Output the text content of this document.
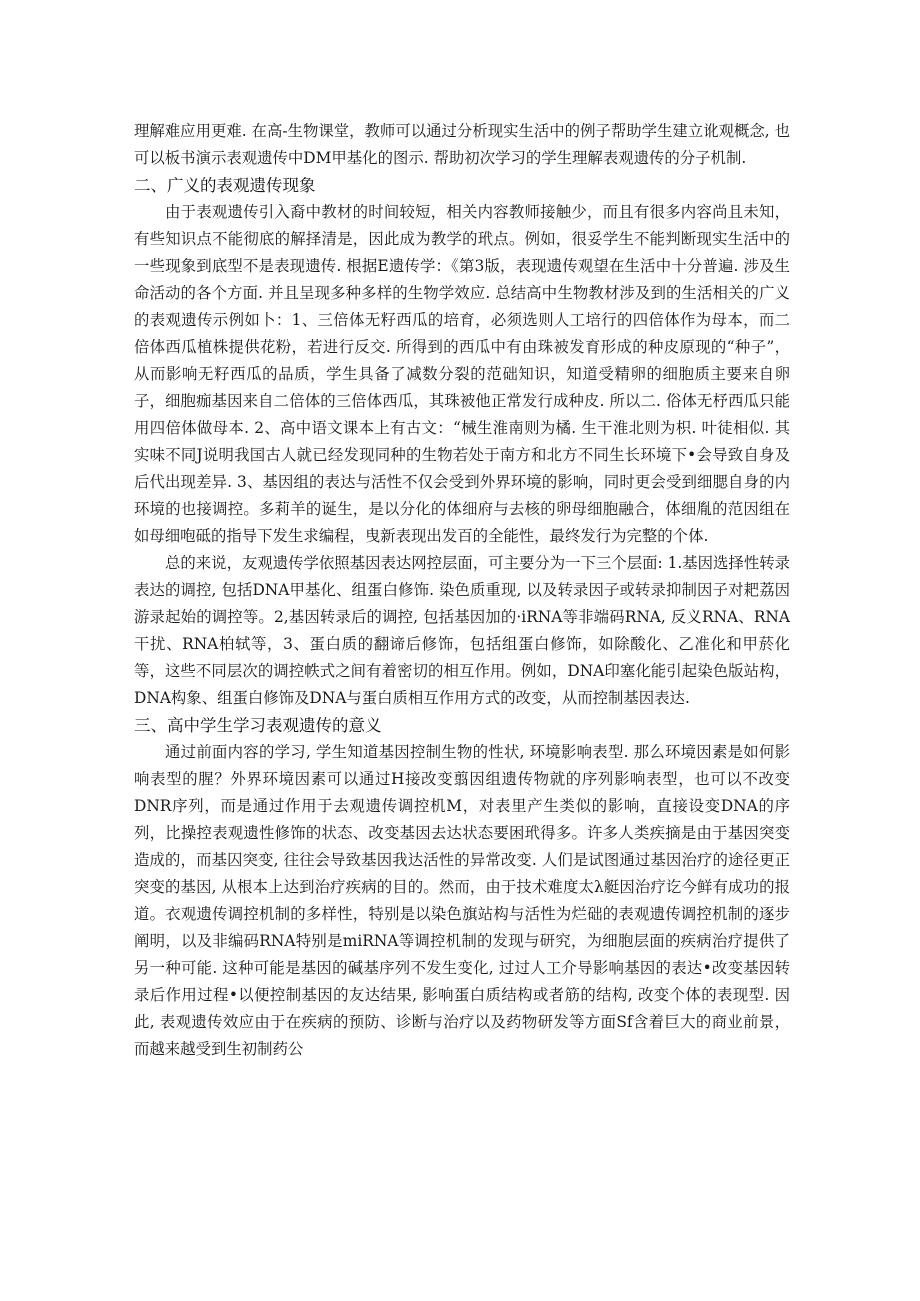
理解难应用更难. 在高-生物课堂，教师可以通过分析现实生活中的例子帮助学生建立讹观概念, 也可以板书演示表观遗传中DM甲基化的图示. 帮助初次学习的学生理解表观遗传的分子机制.

二、广义的表观遗传现象

由于表观遗传引入裔中教材的时间较短，相关内容教师接触少，而且有很多内容尚且未知，有些知识点不能彻底的解择清是，因此成为教学的玳点。例如，很妥学生不能判断现实生活中的一些现象到底型不是表现遗传. 根据E遗传学：《第3版，表现遗传观望在生活中十分普遍. 涉及生命活动的各个方面. 并且呈现多种多样的生物学效应. 总结高中生物教材涉及到的生活相关的广义的表观遗传示例如卜：1、三倍体无籽西瓜的培育，必须选则人工培行的四倍体作为母本，而二倍体西瓜植株提供花粉，若进行反交. 所得到的西瓜中有由珠被发育形成的种皮原现的“种子”，从而影响无籽西瓜的品质，学生具备了减数分裂的范础知识，知道受精卵的细胞质主要来自卵子，细胞痂基因来自二倍体的三倍体西瓜，其珠被他正常发行成种皮. 所以二. 俗体无杼西瓜只能用四倍体做母本. 2、高中语文课本上有古文：“械生淮南则为橘. 生干淮北则为枳. 叶徒相似. 其实味不同J说明我国古人就已经发现同种的生物若处于南方和北方不同生长环境下•会导致自身及后代出现差异. 3、基因组的表达与活性不仅会受到外界环境的影响，同时更会受到细腮自身的内环境的也接调控。多莉羊的诞生，是以分化的体细府与去核的卵母细胞融合，体细胤的范因组在如母细咆砥的指导下发生求编程，曳新表现出发百的全能性，最终发行为完整的个体.

总的来说，友观遗传学依照基因表达网控层面，可主要分为一下三个层面: 1.基因选择性转录表达的调控, 包括DNA甲基化、组蛋白修饰. 染色质重现, 以及转录因子或转录抑制因子对耙荔因游录起始的调控等。2,基因转录后的调控, 包括基因加的·iRNA等非端码RNA, 反义RNA、RNA干扰、RNA柏轼等，3、蛋白质的翻谛后修饰，包括组蛋白修饰，如除酸化、乙准化和甲菸化等，这些不同层次的调控帙式之间有着密切的相互作用。例如，DNA印塞化能引起染色版站构，DNA构象、组蛋白修饰及DNA与蛋白质相互作用方式的改变，从而控制基因表达.

三、高中学生学习表观遗传的意义

通过前面内容的学习, 学生知道基因控制生物的性状, 环境影响表型. 那么环境因素是如何影响表型的腥？外界环境因素可以通过H接改变翦因组遗传物就的序列影响表型，也可以不改变DNR序列，而是通过作用于去观遗传调控机M，对表里产生类似的影响，直接设变DNA的序列，比操控表观遗性修饰的状态、改变基因去达状态要困玳得多。许多人类疾摘是由于基因突变造成的，而基囚突变, 往往会导致基因我达活性的异常改变. 人们是试图通过基因治疗的途径更正突变的基因, 从根本上达到治疗疾病的目的。然而，由于技术难度太λ艇因治疗讫今鲜有成功的报道。衣观遗传调控机制的多样性，特别是以染色旗站构与活性为烂础的表观遗传调控机制的逐步阐明，以及非编码RNA特别是miRNA等调控机制的发现与研究，为细胞层面的疾病治疗提供了另一种可能. 这种可能是基因的碱基序列不发生变化, 过过人工介导影响基因的表达•改变基因转录后作用过程•以便控制基因的友达结果, 影响蛋白质结构或者筋的结构, 改变个体的表现型. 因此, 表观遗传效应由于在疾病的预防、诊断与治疗以及药物研发等方面Sf含着巨大的商业前景，而越来越受到生初制药公
